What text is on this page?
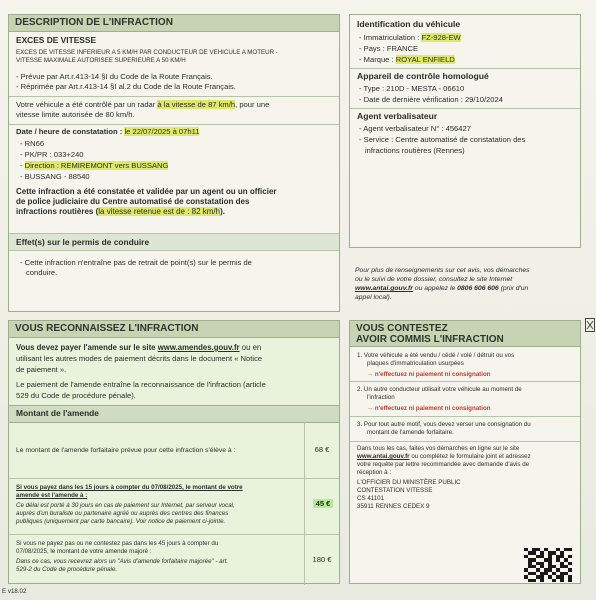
DESCRIPTION DE L'INFRACTION
EXCES DE VITESSE
EXCES DE VITESSE INFERIEUR A 5 KM/H PAR CONDUCTEUR DE VEHICULE A MOTEUR -
VITESSE MAXIMALE AUTORISEE SUPERIEURE A 50 KM/H
- Prévue par Art.r.413-14 §I du Code de la Route Français.
- Réprimée par Art.r.413-14 §I al.2 du Code de la Route Français.
Votre véhicule a été contrôlé par un radar à la vitesse de 87 km/h, pour une
vitesse limite autorisée de 80 km/h.
Date / heure de constatation : le 22/07/2025 à 07h11
- RN66
- PK/PR : 033+240
- Direction : REMIREMONT vers BUSSANG
- BUSSANG - 88540
Cette infraction a été constatée et validée par un agent ou un officier
de police judiciaire du Centre automatisé de constatation des
infractions routières (la vitesse retenue est de : 82 km/h).
Effet(s) sur le permis de conduire
- Cette infraction n'entraîne pas de retrait de point(s) sur le permis de
conduire.
Identification du véhicule
- Immatriculation : FZ-928-EW
- Pays : FRANCE
- Marque : ROYAL ENFIELD
Appareil de contrôle homologué
- Type : 210D - MESTA - 06610
- Date de dernière vérification : 29/10/2024
Agent verbalisateur
- Agent verbalisateur N° : 456427
- Service : Centre automatisé de constatation des
infractions routières (Rennes)
Pour plus de renseignements sur cet avis, vos démarches
ou le suivi de votre dossier, consultez le site Internet
www.antai.gouv.fr ou appelez le 0806 606 606 (prix d'un
appel local).
VOUS RECONNAISSEZ L'INFRACTION
Vous devez payer l'amende sur le site www.amendes.gouv.fr ou en
utilisant les autres modes de paiement décrits dans le document « Notice
de paiement ».
Le paiement de l'amende entraîne la reconnaissance de l'infraction (article
529 du Code de procédure pénale).
Montant de l'amende
Le montant de l'amende forfaitaire prévue pour cette infraction s'élève à :	68 €
Si vous payez dans les 15 jours à compter du 07/08/2025, le montant de votre
amende est l'amende à :
Ce délai est porté à 30 jours en cas de paiement sur Internet, par serveur vocal,
auprès d'un buraliste ou partenaire agréé ou auprès des centres des finances
publiques (uniquement par carte bancaire). Voir notice de paiement ci-jointe.
45 €
Si vous ne payez pas ou ne contestez pas dans les 45 jours à compter du
07/08/2025, le montant de votre amende majoré :
Dans ce cas, vous recevrez alors un "Avis d'amende forfaitaire majorée" - art.
529-2 du Code de procédure pénale.
180 €
E v18.02
VOUS CONTESTEZ
AVOIR COMMIS L'INFRACTION
1. Votre véhicule a été vendu / cédé / volé / détruit ou vos
plaques d'immatriculation usurpées
→ n'effectuez ni paiement ni consignation
2. Un autre conducteur utilisait votre véhicule au moment de
l'infraction
→ n'effectuez ni paiement ni consignation
3. Pour tout autre motif, vous devez verser une consignation du
montant de l'amende forfaitaire.
Dans tous les cas, faites vos démarches en ligne sur le site
www.antai.gouv.fr ou complétez le formulaire joint et adressez
votre requête par lettre recommandée avec demande d'avis de
réception à :
L'OFFICIER DU MINISTÈRE PUBLIC
CONTESTATION VITESSE
CS 41101
35911 RENNES CEDEX 9
